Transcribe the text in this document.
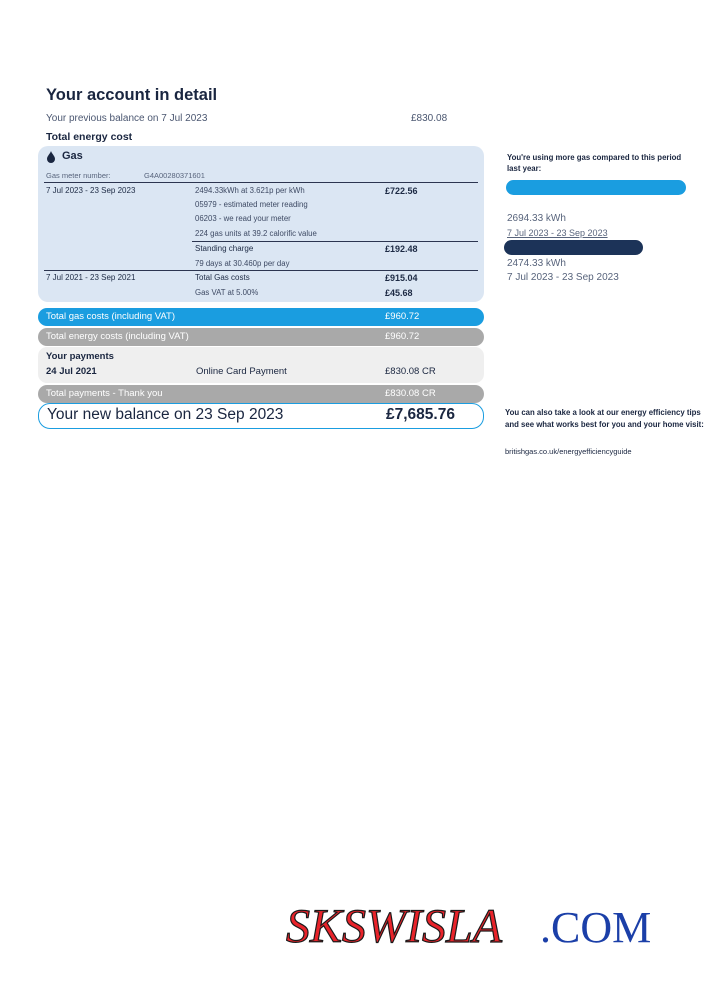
Your account in detail
Your previous balance on 7 Jul 2023	£830.08
Total energy cost
Gas
Gas meter number:	G4A00280371601
7 Jul 2023 - 23 Sep 2023	2494.33kWh at 3.621p per kWh	£722.56
05979 - estimated meter reading
06203 - we read your meter
224 gas units at 39.2 calorific value
Standing charge	£192.48
79 days at 30.460p per day
7 Jul 2021 - 23 Sep 2021	Total Gas costs	£915.04
Gas VAT at 5.00%	£45.68
Total gas costs (including VAT)	£960.72
Total energy costs (including VAT)	£960.72
Your payments
24 Jul 2021	Online Card Payment	£830.08 CR
Total payments - Thank you	£830.08 CR
Your new balance on 23 Sep 2023	£7,685.76
You're using more gas compared to this period last year:
2694.33 kWh
7 Jul 2023 - 23 Sep 2023
2474.33 kWh
7 Jul 2023 - 23 Sep 2023
You can also take a look at our energy efficiency tips and see what works best for you and your home visit:
britishgas.co.uk/energyefficiencyguide
SKSWISLA .COM
